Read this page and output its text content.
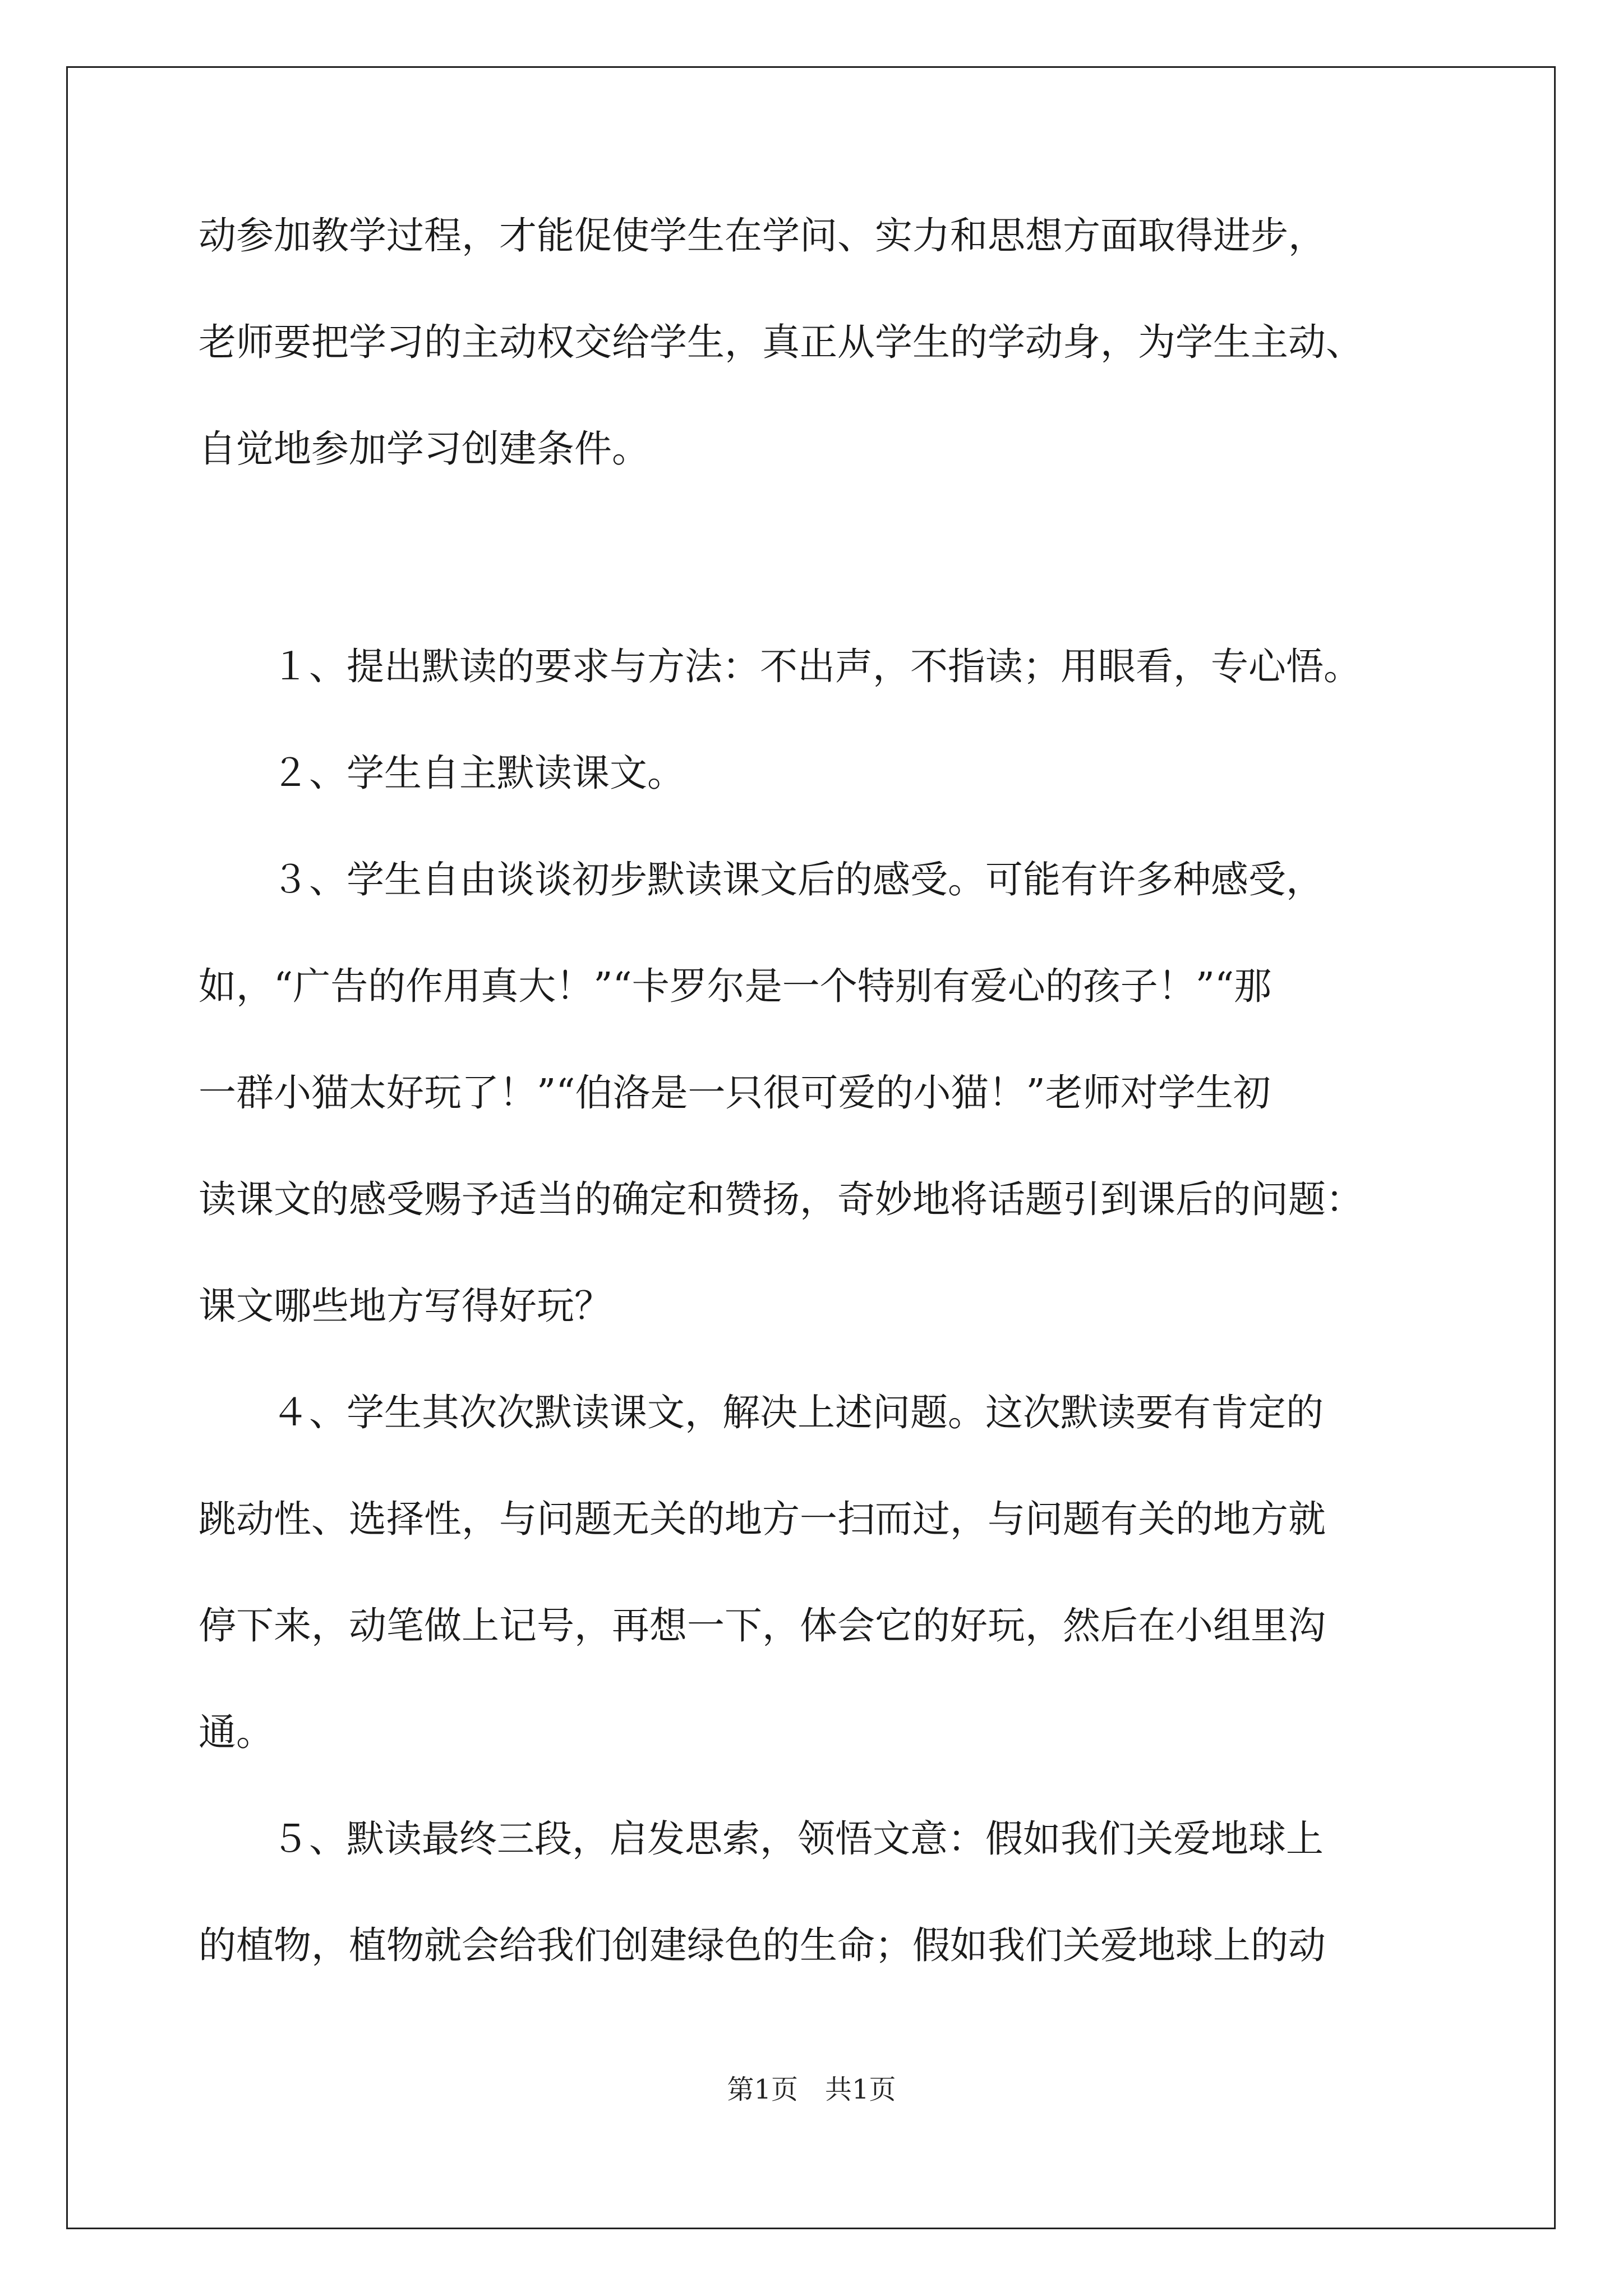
动参加教学过程，才能促使学生在学问、实力和思想方面取得进步，
老师要把学习的主动权交给学生，真正从学生的学动身，为学生主动、
自觉地参加学习创建条件。
１、提出默读的要求与方法：不出声，不指读；用眼看，专心悟。
２、学生自主默读课文。
３、学生自由谈谈初步默读课文后的感受。可能有许多种感受，
如，“广告的作用真大！”“卡罗尔是一个特别有爱心的孩子！”“那
一群小猫太好玩了！”“伯洛是一只很可爱的小猫！”老师对学生初
读课文的感受赐予适当的确定和赞扬，奇妙地将话题引到课后的问题：
课文哪些地方写得好玩？
４、学生其次次默读课文，解决上述问题。这次默读要有肯定的
跳动性、选择性，与问题无关的地方一扫而过，与问题有关的地方就
停下来，动笔做上记号，再想一下，体会它的好玩，然后在小组里沟
通。
５、默读最终三段，启发思索，领悟文意：假如我们关爱地球上
的植物，植物就会给我们创建绿色的生命；假如我们关爱地球上的动
第1页　共1页
